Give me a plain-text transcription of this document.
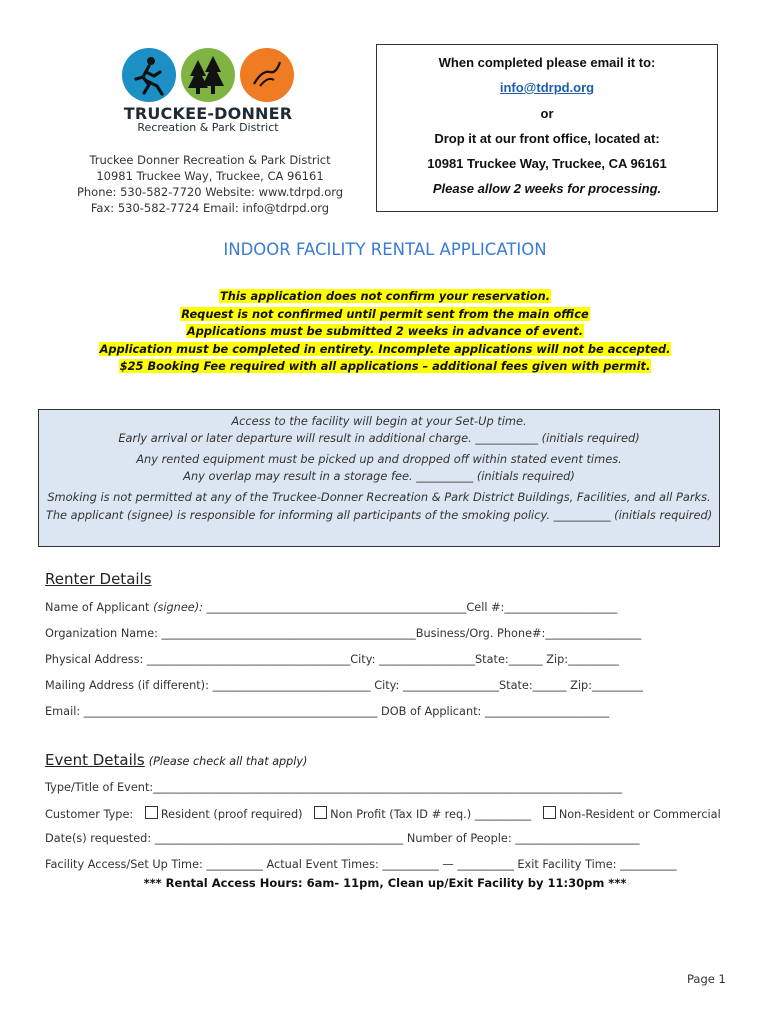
TRUCKEE-DONNER
Recreation & Park District
Truckee Donner Recreation & Park District
10981 Truckee Way, Truckee, CA 96161
Phone: 530-582-7720 Website: www.tdrpd.org
Fax: 530-582-7724 Email: info@tdrpd.org
When completed please email it to:
info@tdrpd.org
or
Drop it at our front office, located at:
10981 Truckee Way, Truckee, CA 96161
Please allow 2 weeks for processing.
INDOOR FACILITY RENTAL APPLICATION
This application does not confirm your reservation.
Request is not confirmed until permit sent from the main office
Applications must be submitted 2 weeks in advance of event.
Application must be completed in entirety. Incomplete applications will not be accepted.
$25 Booking Fee required with all applications – additional fees given with permit.
Access to the facility will begin at your Set-Up time.
Early arrival or later departure will result in additional charge. ___________ (initials required)
Any rented equipment must be picked up and dropped off within stated event times.
Any overlap may result in a storage fee. __________ (initials required)
Smoking is not permitted at any of the Truckee-Donner Recreation & Park District Buildings, Facilities, and all Parks.
The applicant (signee) is responsible for informing all participants of the smoking policy. __________ (initials required)
Renter Details
Name of Applicant (signee): ______________________________________________Cell #:____________________
Organization Name: _____________________________________________Business/Org. Phone#:_________________
Physical Address: ____________________________________City: _________________State:______ Zip:_________
Mailing Address (if different): ____________________________ City: _________________State:______ Zip:_________
Email: ____________________________________________________ DOB of Applicant: ______________________
Event Details (Please check all that apply)
Type/Title of Event:___________________________________________________________________________________
Customer Type: Resident (proof required) Non Profit (Tax ID # req.) __________ Non-Resident or Commercial
Date(s) requested: ____________________________________________ Number of People: ______________________
Facility Access/Set Up Time: __________ Actual Event Times: __________ — __________ Exit Facility Time: __________
*** Rental Access Hours: 6am- 11pm, Clean up/Exit Facility by 11:30pm ***
Page 1
